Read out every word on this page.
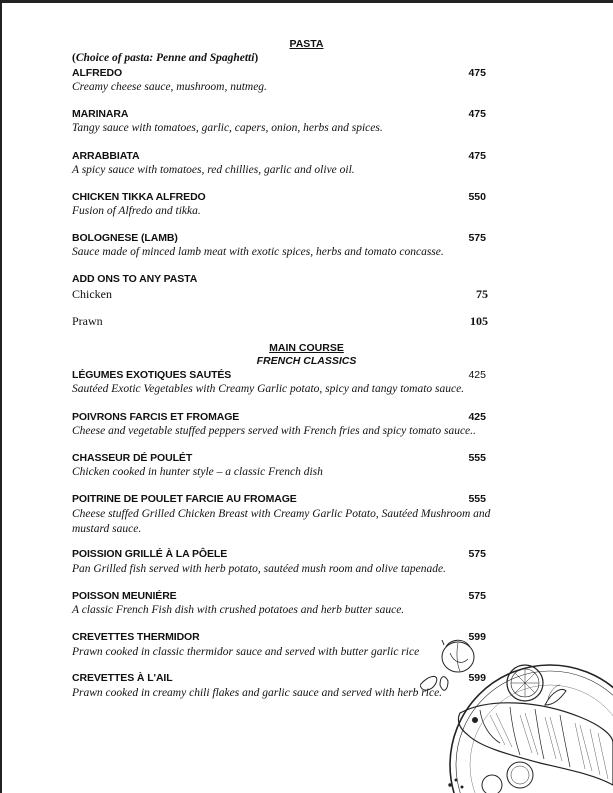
PASTA
(Choice of pasta: Penne and Spaghetti)
ALFREDO	475
Creamy cheese sauce, mushroom, nutmeg.
MARINARA	475
Tangy sauce with tomatoes, garlic, capers, onion, herbs and spices.
ARRABBIATA	475
A spicy sauce with tomatoes, red chillies, garlic and olive oil.
CHICKEN TIKKA ALFREDO	550
Fusion of Alfredo and tikka.
BOLOGNESE (LAMB)	575
Sauce made of minced lamb meat with exotic spices, herbs and tomato concasse.
ADD ONS TO ANY PASTA
Chicken	75
Prawn	105
MAIN COURSE
FRENCH CLASSICS
LÉGUMES EXOTIQUES SAUTÉS	425
Sautéed Exotic Vegetables with Creamy Garlic potato, spicy and tangy tomato sauce.
POIVRONS FARCIS ET FROMAGE	425
Cheese and vegetable stuffed peppers served with French fries and spicy tomato sauce..
CHASSEUR DÉ POULÉT	555
Chicken cooked in hunter style – a classic French dish
POITRINE DE POULET FARCIE AU FROMAGE	555
Cheese stuffed Grilled Chicken Breast with Creamy Garlic Potato, Sautéed Mushroom and mustard sauce.
POISSION GRILLÉ À LA PÔELE	575
Pan Grilled fish served with herb potato, sautéed mush room and olive tapenade.
POISSON MEUNIÉRE	575
A classic French Fish dish with crushed potatoes and herb butter sauce.
CREVETTES THERMIDOR	599
Prawn cooked in classic thermidor sauce and served with butter garlic rice
CREVETTES À L'AIL	599
Prawn cooked in creamy chili flakes and garlic sauce and served with herb rice.
